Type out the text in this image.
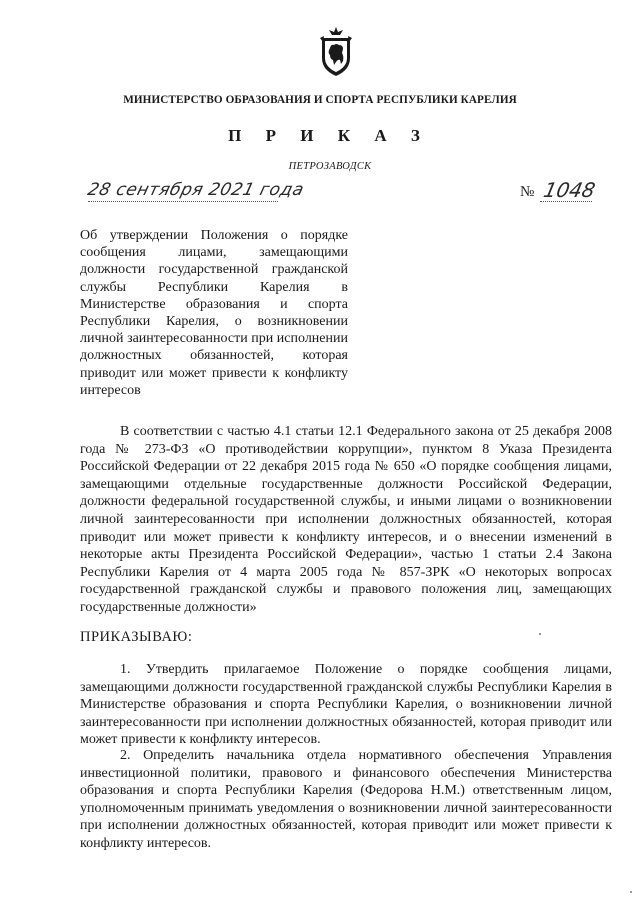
МИНИСТЕРСТВО ОБРАЗОВАНИЯ И СПОРТА РЕСПУБЛИКИ КАРЕЛИЯ
П Р И К А З
ПЕТРОЗАВОДСК
28 сентября 2021 года	№ 1048
Об утверждении Положения о порядке сообщения лицами, замещающими должности государственной гражданской службы Республики Карелия в Министерстве образования и спорта Республики Карелия, о возникновении личной заинтересованности при исполнении должностных обязанностей, которая приводит или может привести к конфликту интересов
В соответствии с частью 4.1 статьи 12.1 Федерального закона от 25 декабря 2008 года № 273-ФЗ «О противодействии коррупции», пунктом 8 Указа Президента Российской Федерации от 22 декабря 2015 года № 650 «О порядке сообщения лицами, замещающими отдельные государственные должности Российской Федерации, должности федеральной государственной службы, и иными лицами о возникновении личной заинтересованности при исполнении должностных обязанностей, которая приводит или может привести к конфликту интересов, и о внесении изменений в некоторые акты Президента Российской Федерации», частью 1 статьи 2.4 Закона Республики Карелия от 4 марта 2005 года № 857-ЗРК «О некоторых вопросах государственной гражданской службы и правового положения лиц, замещающих государственные должности»
ПРИКАЗЫВАЮ:
1. Утвердить прилагаемое Положение о порядке сообщения лицами, замещающими должности государственной гражданской службы Республики Карелия в Министерстве образования и спорта Республики Карелия, о возникновении личной заинтересованности при исполнении должностных обязанностей, которая приводит или может привести к конфликту интересов.
2. Определить начальника отдела нормативного обеспечения Управления инвестиционной политики, правового и финансового обеспечения Министерства образования и спорта Республики Карелия (Федорова Н.М.) ответственным лицом, уполномоченным принимать уведомления о возникновении личной заинтересованности при исполнении должностных обязанностей, которая приводит или может привести к конфликту интересов.
